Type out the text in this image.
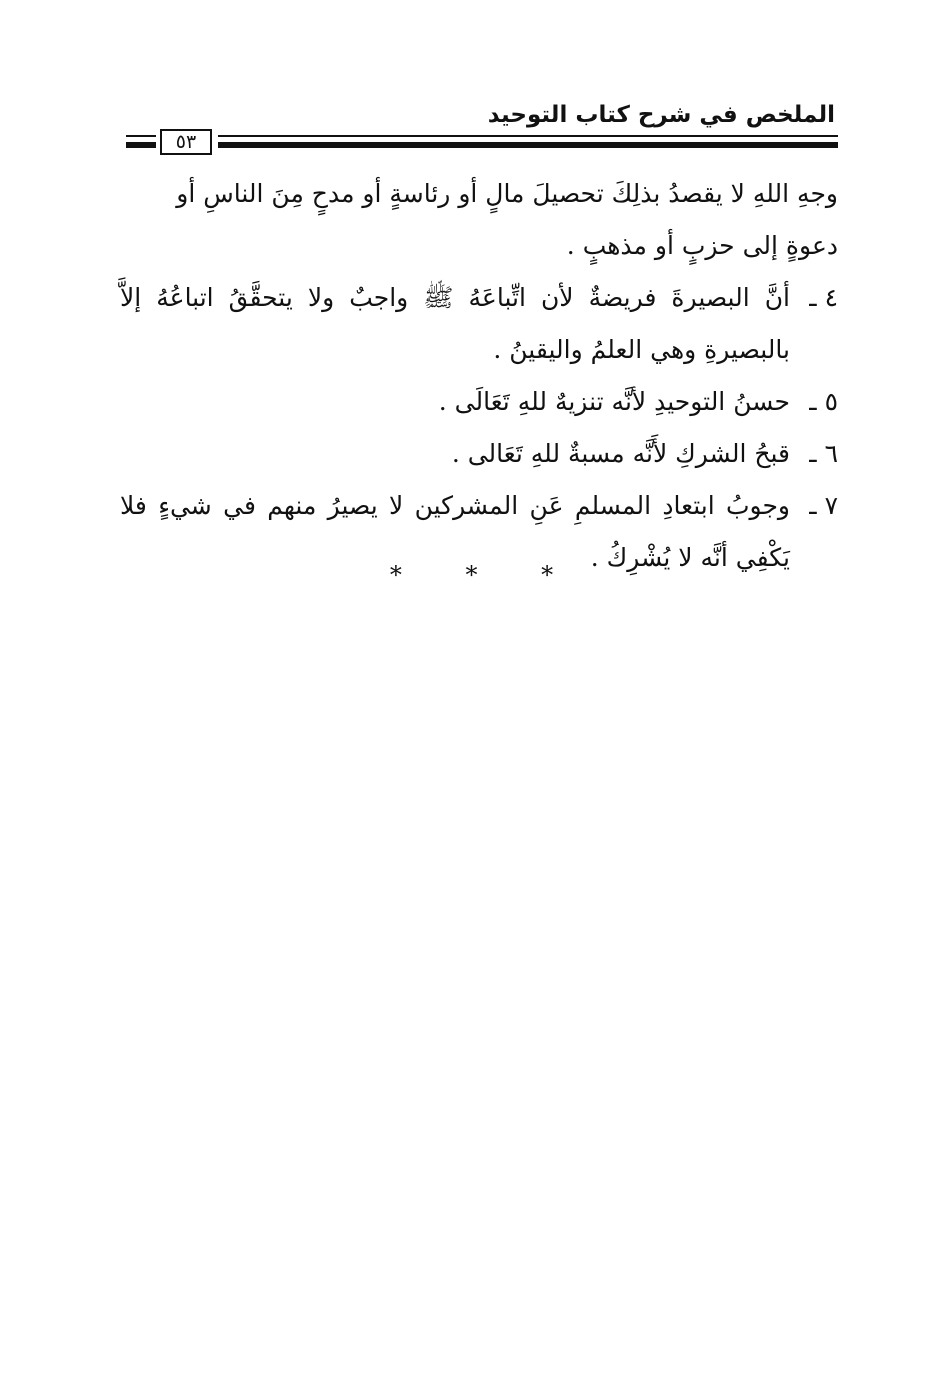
الملخص في شرح كتاب التوحيد
٥٣

وجهِ اللهِ لا يقصدُ بذلِكَ تحصيلَ مالٍ أو رئاسةٍ أو مدحٍ مِنَ الناسِ أو دعوةٍ إلى حزبٍ أو مذهبٍ .

٤ ـ
أنَّ البصيرةَ فريضةٌ لأن اتِّباعَهُ ﷺ واجبٌ ولا يتحقَّقُ اتباعُهُ إلاَّ بالبصيرةِ وهي العلمُ واليقينُ .
٥ ـ
حسنُ التوحيدِ لأنَّه تنزيهٌ للهِ تَعَالَى .
٦ ـ
قبحُ الشركِ لأَنَّه مسبةٌ للهِ تَعَالى .
٧ ـ
وجوبُ ابتعادِ المسلمِ عَنِ المشركين لا يصيرُ منهم في شيءٍ فلا يَكْفِي أنَّه لا يُشْرِكُ .
* * *
